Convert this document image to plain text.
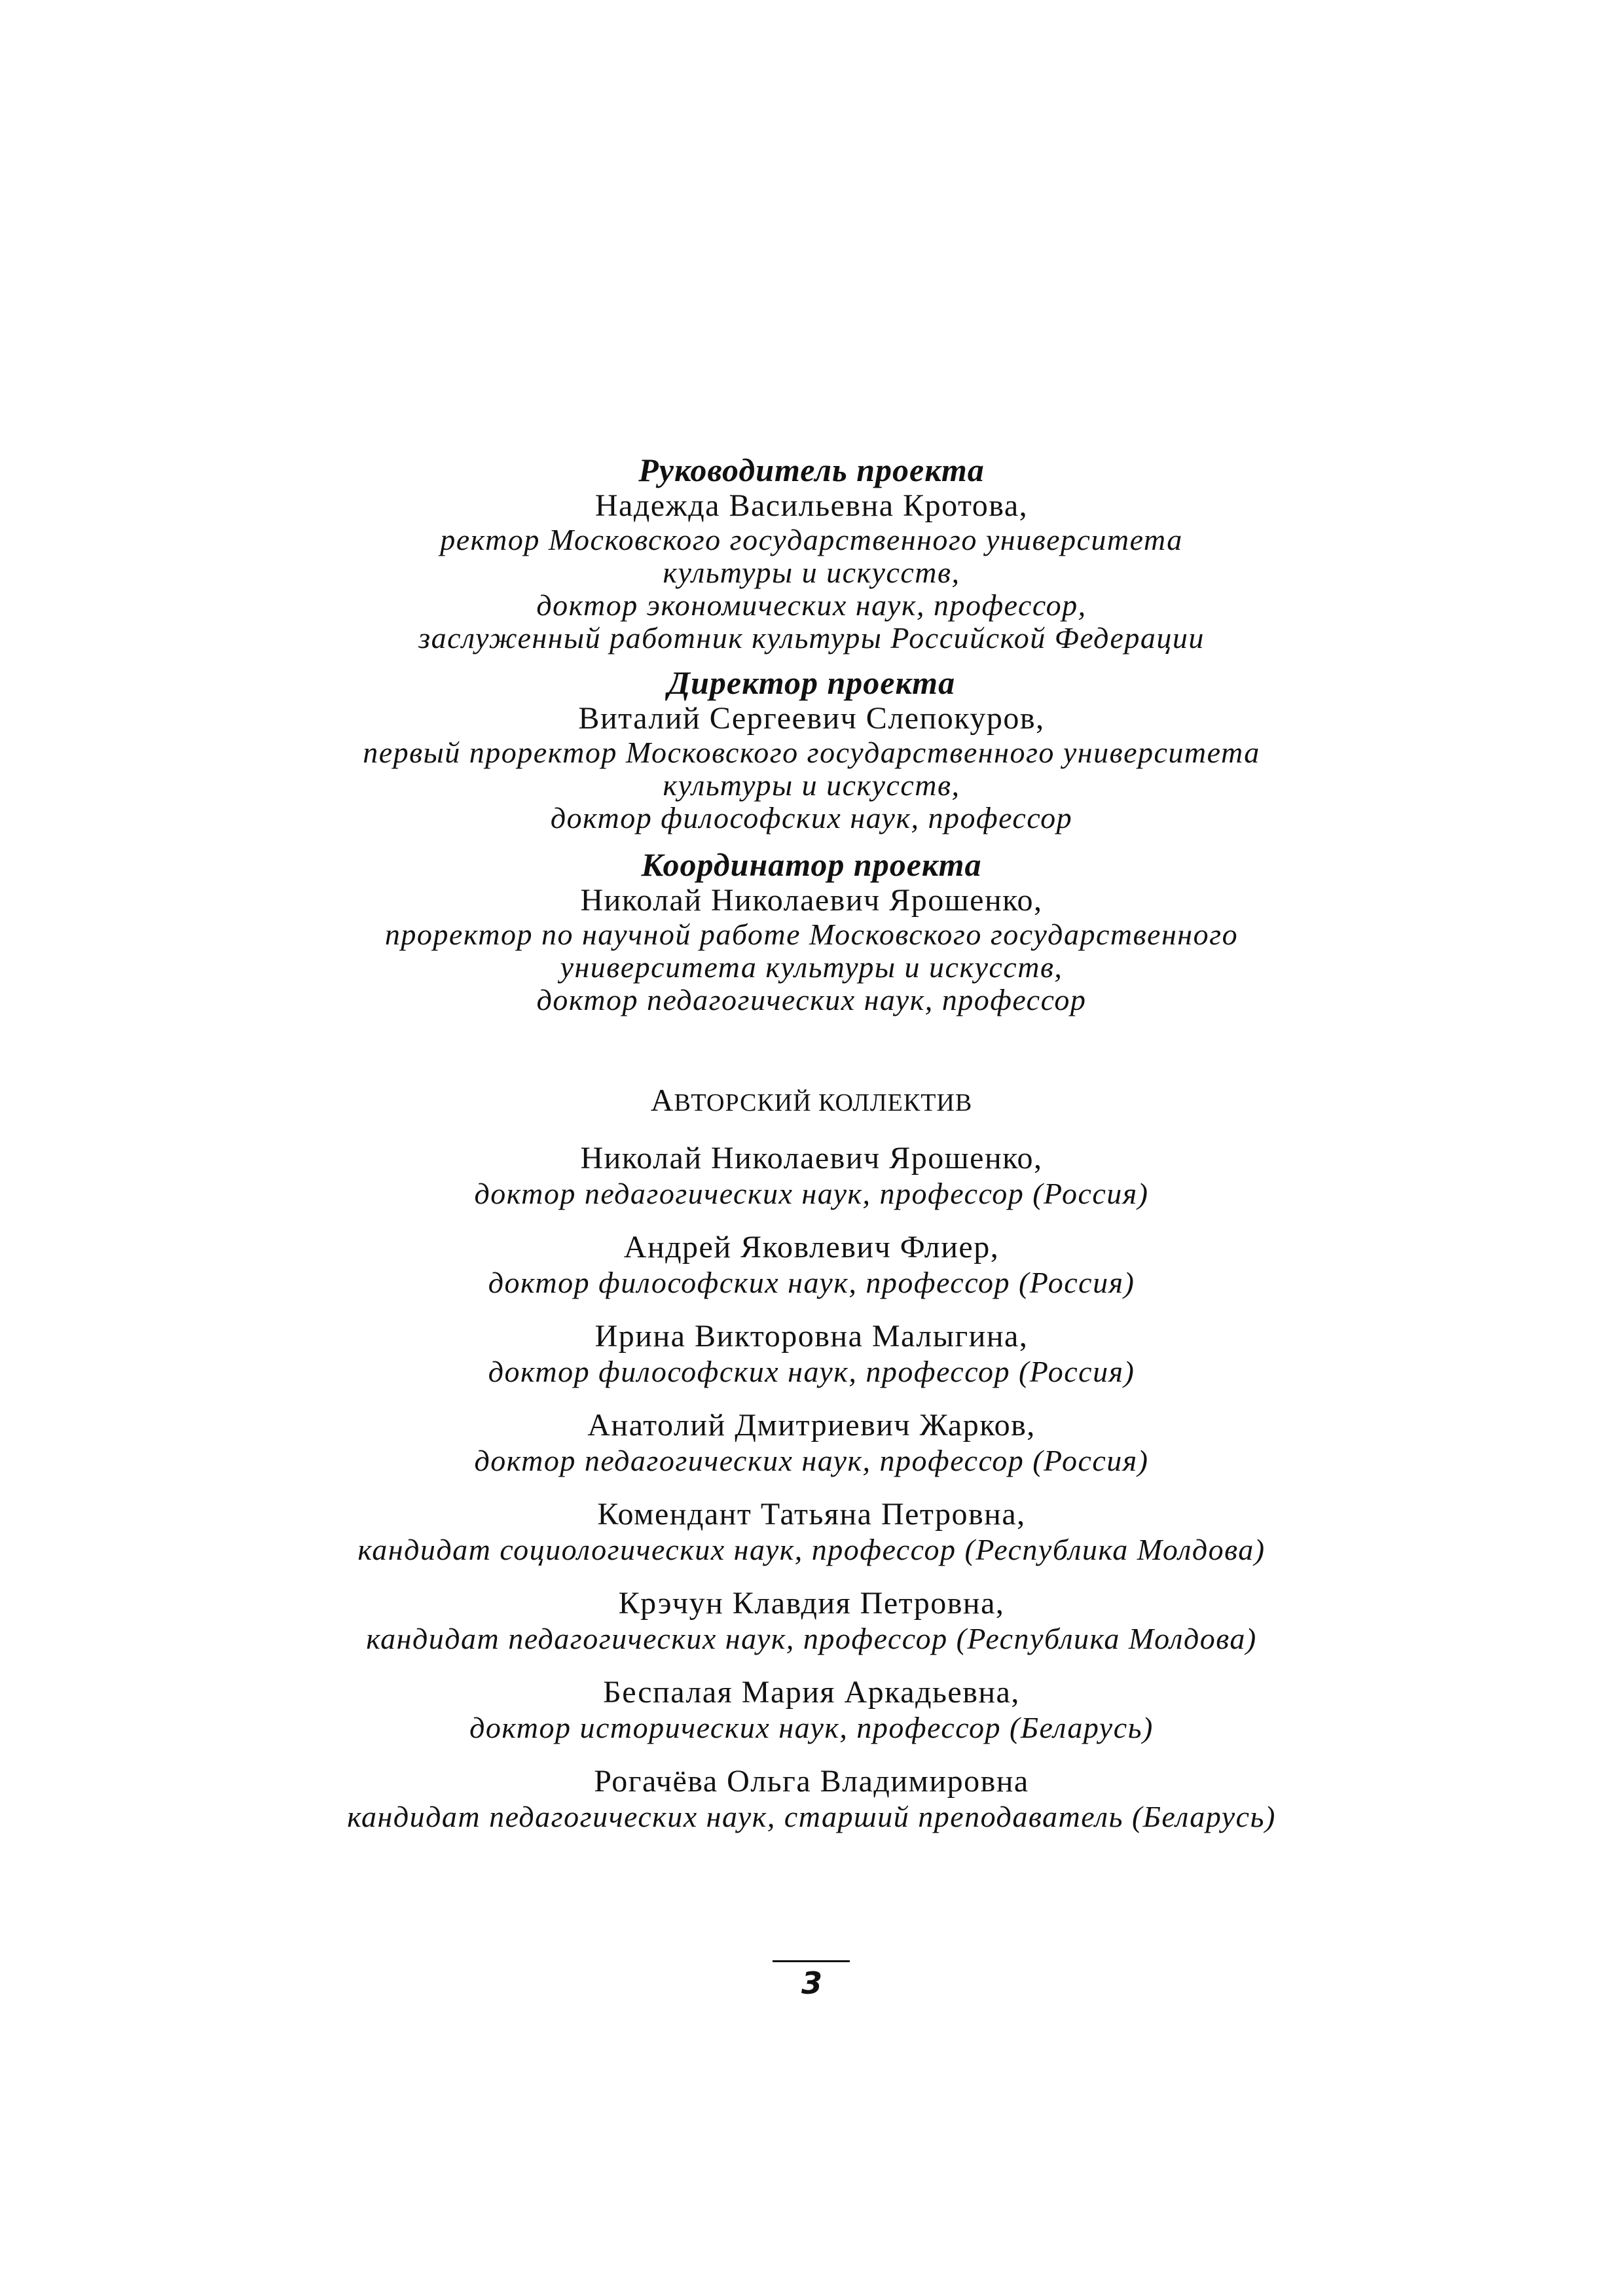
Руководитель проекта
Надежда Васильевна Кротова,
ректор Московского государственного университета
культуры и искусств,
доктор экономических наук, профессор,
заслуженный работник культуры Российской Федерации
Директор проекта
Виталий Сергеевич Слепокуров,
первый проректор Московского государственного университета
культуры и искусств,
доктор философских наук, профессор
Координатор проекта
Николай Николаевич Ярошенко,
проректор по научной работе Московского государственного
университета культуры и искусств,
доктор педагогических наук, профессор
АВТОРСКИЙ КОЛЛЕКТИВ
Николай Николаевич Ярошенко,
доктор педагогических наук, профессор (Россия)
Андрей Яковлевич Флиер,
доктор философских наук, профессор (Россия)
Ирина Викторовна Малыгина,
доктор философских наук, профессор (Россия)
Анатолий Дмитриевич Жарков,
доктор педагогических наук, профессор (Россия)
Комендант Татьяна Петровна,
кандидат социологических наук, профессор (Республика Молдова)
Крэчун Клавдия Петровна,
кандидат педагогических наук, профессор (Республика Молдова)
Беспалая Мария Аркадьевна,
доктор исторических наук, профессор (Беларусь)
Рогачёва Ольга Владимировна
кандидат педагогических наук, старший преподаватель (Беларусь)
3
